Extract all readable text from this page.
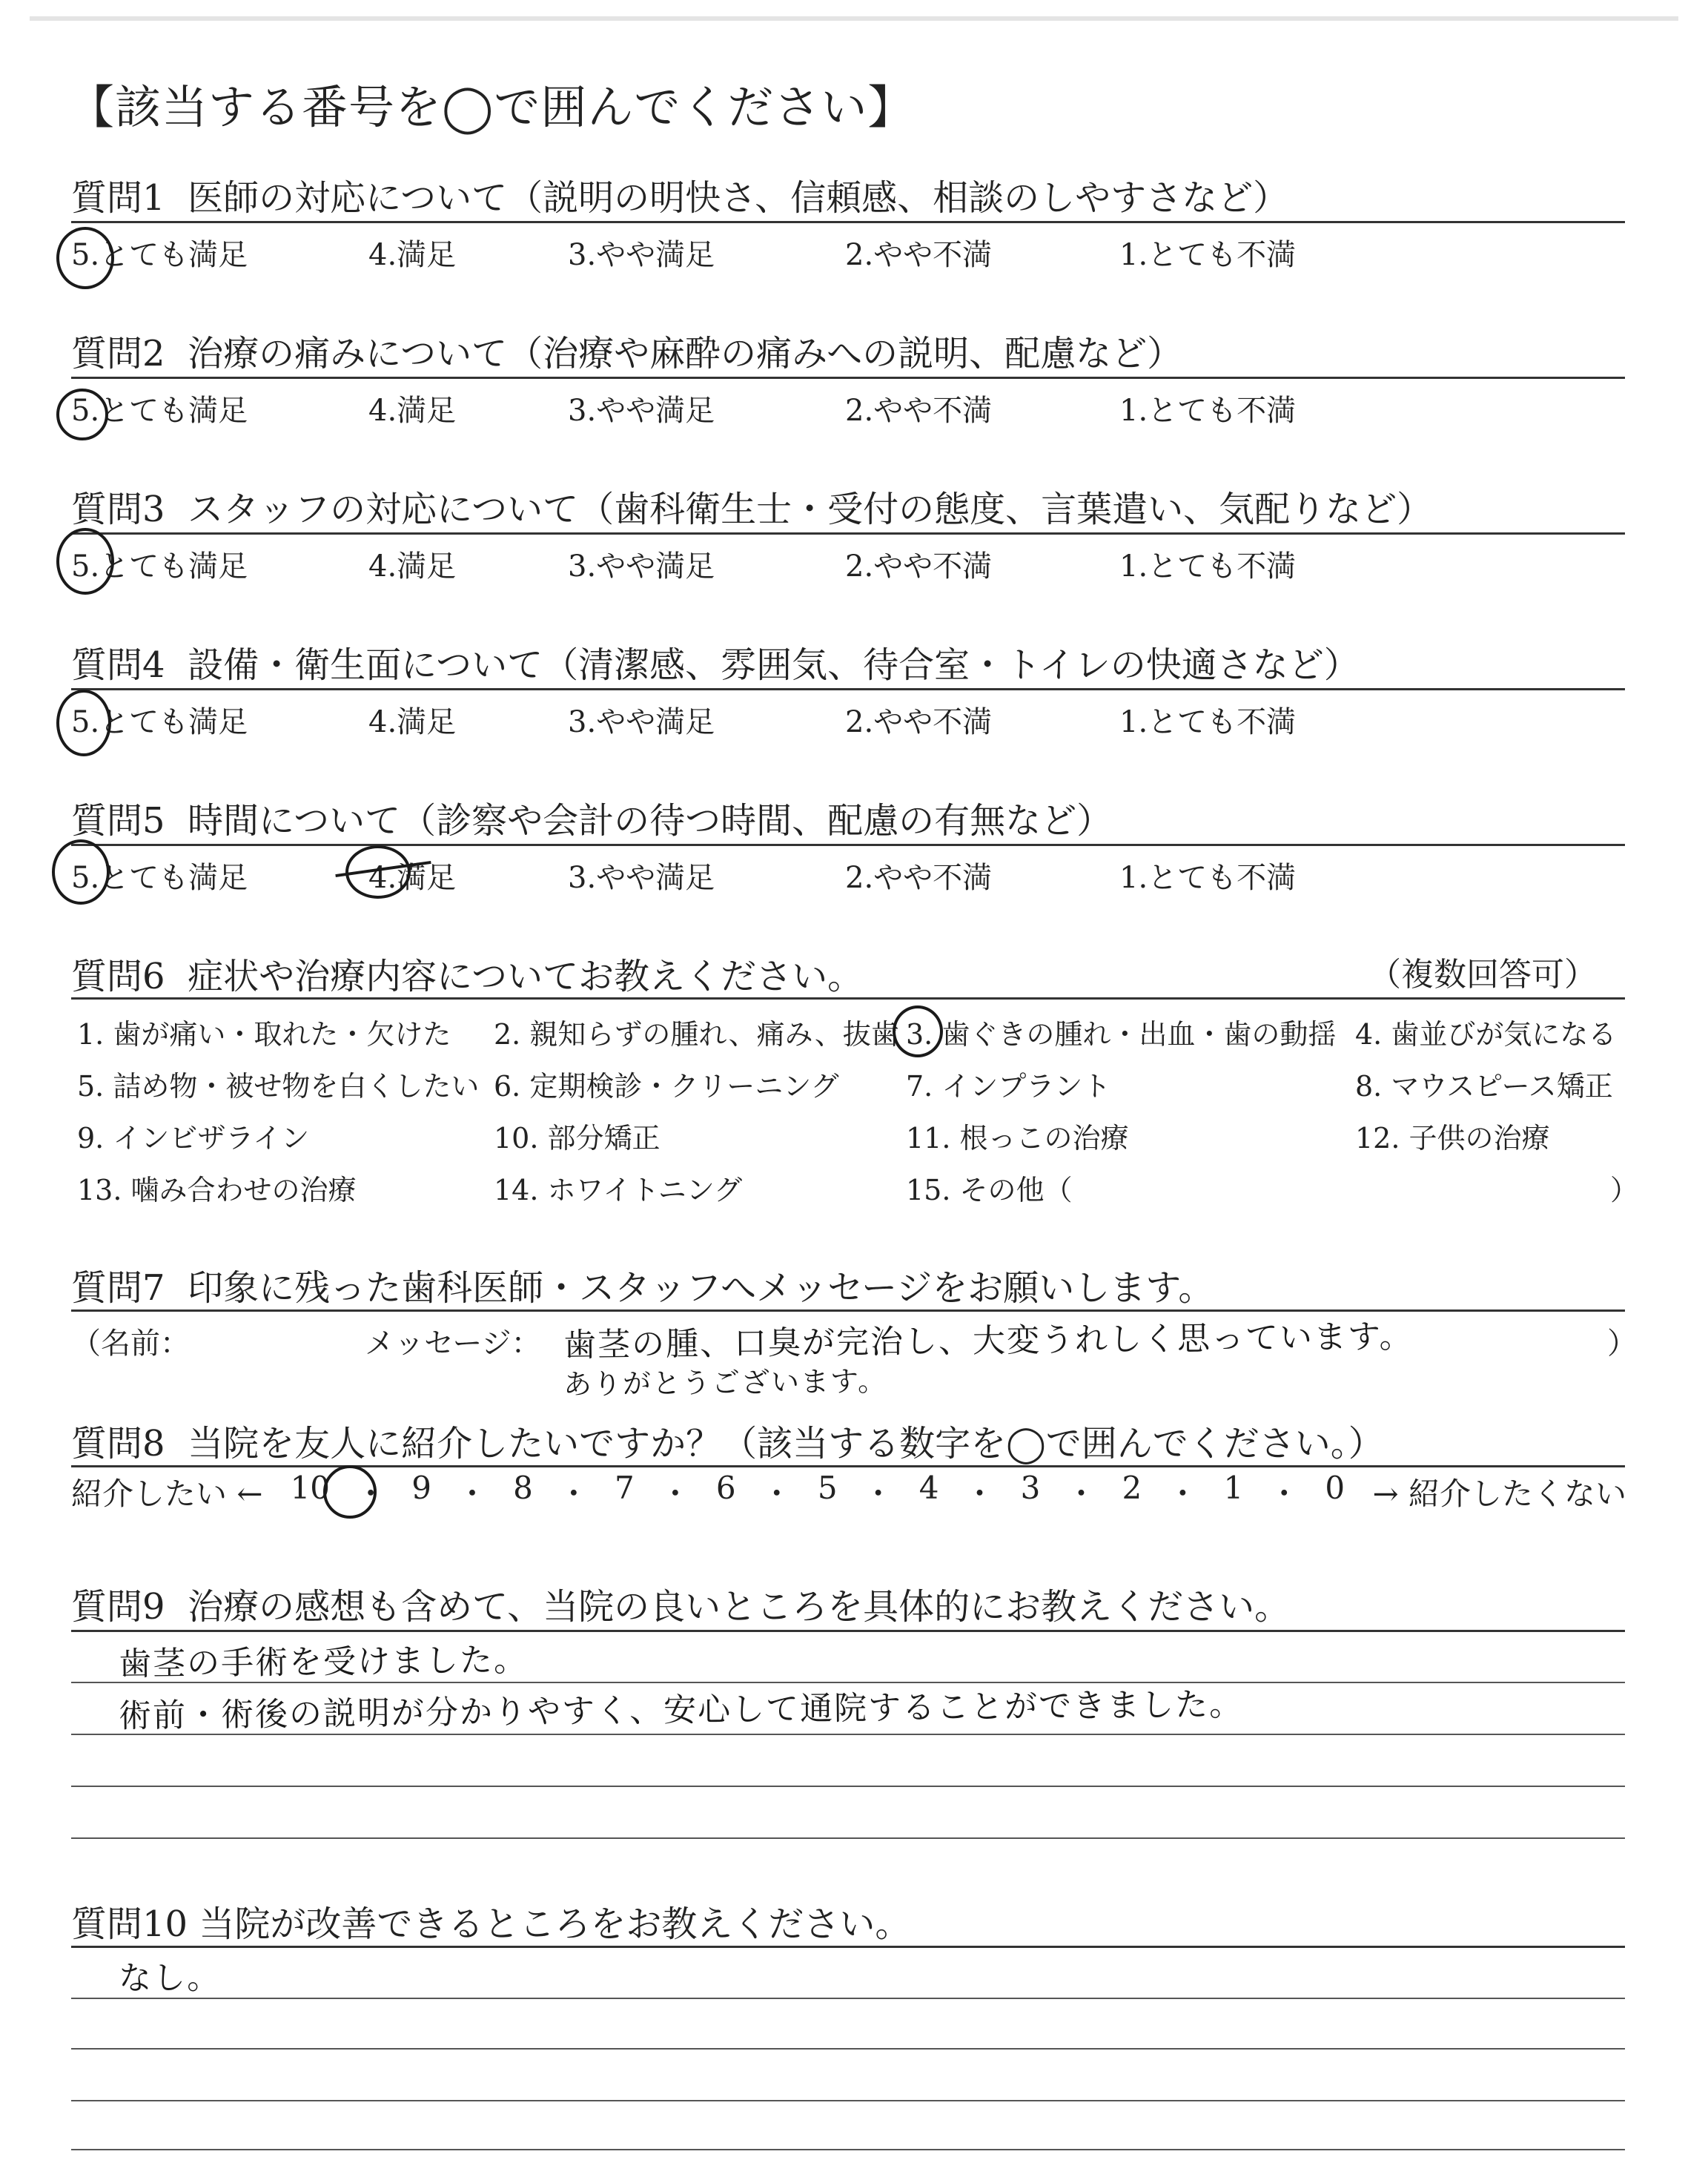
【該当する番号を◯で囲んでください】
質問1 医師の対応について（説明の明快さ、信頼感、相談のしやすさなど）
5.とても満足	4.満足	3.やや満足	2.やや不満	1.とても不満
質問2 治療の痛みについて（治療や麻酔の痛みへの説明、配慮など）
5.とても満足	4.満足	3.やや満足	2.やや不満	1.とても不満
質問3 スタッフの対応について（歯科衛生士・受付の態度、言葉遣い、気配りなど）
5.とても満足	4.満足	3.やや満足	2.やや不満	1.とても不満
質問4 設備・衛生面について（清潔感、雰囲気、待合室・トイレの快適さなど）
5.とても満足	4.満足	3.やや満足	2.やや不満	1.とても不満
質問5 時間について（診察や会計の待つ時間、配慮の有無など）
5.とても満足	4.満足	3.やや満足	2.やや不満	1.とても不満
質問6 症状や治療内容についてお教えください。	（複数回答可）
1. 歯が痛い・取れた・欠けた 2. 親知らずの腫れ、痛み、抜歯 3. 歯ぐきの腫れ・出血・歯の動揺 4. 歯並びが気になる
5. 詰め物・被せ物を白くしたい 6. 定期検診・クリーニング 7. インプラント	8. マウスピース矯正
9. インビザライン	10. 部分矯正	11. 根っこの治療	12. 子供の治療
13. 噛み合わせの治療	14. ホワイトニング	15. その他（	）
質問7 印象に残った歯科医師・スタッフへメッセージをお願いします。
（名前：	メッセージ：	）
歯茎の腫、口臭が完治し、大変うれしく思っています。
ありがとうございます。
質問8 当院を友人に紹介したいですか？（該当する数字を◯で囲んでください。）
紹介したい ← 10 ・ 9 ・ 8 ・ 7 ・ 6 ・ 5 ・ 4 ・ 3 ・ 2 ・ 1 ・ 0 → 紹介したくない
質問9 治療の感想も含めて、当院の良いところを具体的にお教えください。
歯茎の手術を受けました。
術前・術後の説明が分かりやすく、安心して通院することができました。
質問10 当院が改善できるところをお教えください。
なし。
